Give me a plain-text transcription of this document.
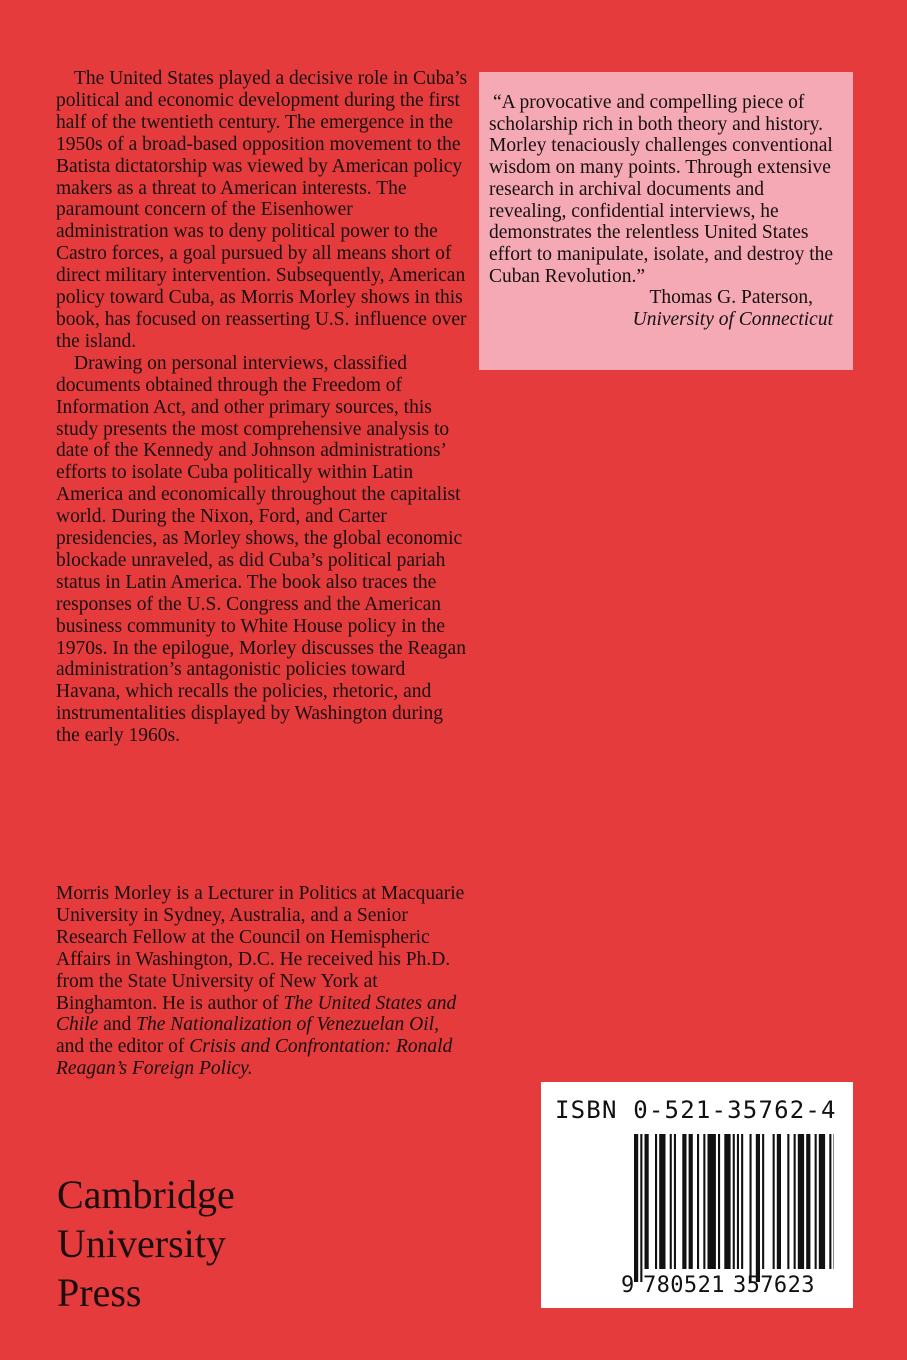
The United States played a decisive role in Cuba’s political and economic development during the first half of the twentieth century. The emergence in the 1950s of a broad-based opposition movement to the Batista dictatorship was viewed by American policy makers as a threat to American interests. The paramount concern of the Eisenhower administration was to deny political power to the Castro forces, a goal pursued by all means short of direct military intervention. Subsequently, American policy toward Cuba, as Morris Morley shows in this book, has focused on reasserting U.S. influence over the island.

Drawing on personal interviews, classified documents obtained through the Freedom of Information Act, and other primary sources, this study presents the most comprehensive analysis to date of the Kennedy and Johnson administrations’ efforts to isolate Cuba politically within Latin America and economically throughout the capitalist world. During the Nixon, Ford, and Carter presidencies, as Morley shows, the global economic blockade unraveled, as did Cuba’s political pariah status in Latin America. The book also traces the responses of the U.S. Congress and the American business community to White House policy in the 1970s. In the epilogue, Morley discusses the Reagan administration’s antagonistic policies toward Havana, which recalls the policies, rhetoric, and instrumentalities displayed by Washington during the early 1960s.

Morris Morley is a Lecturer in Politics at Macquarie University in Sydney, Australia, and a Senior Research Fellow at the Council on Hemispheric Affairs in Washington, D.C. He received his Ph.D. from the State University of New York at Binghamton. He is author of The United States and Chile and The Nationalization of Venezuelan Oil, and the editor of Crisis and Confrontation: Ronald Reagan’s Foreign Policy.

“A provocative and compelling piece of scholarship rich in both theory and history. Morley tenaciously challenges conventional wisdom on many points. Through extensive research in archival documents and revealing, confidential interviews, he demonstrates the relentless United States effort to manipulate, isolate, and destroy the Cuban Revolution.”

Thomas G. Paterson,

University of Connecticut

Cambridge
University
Press
ISBN 0-521-35762-4
9 780521 357623
